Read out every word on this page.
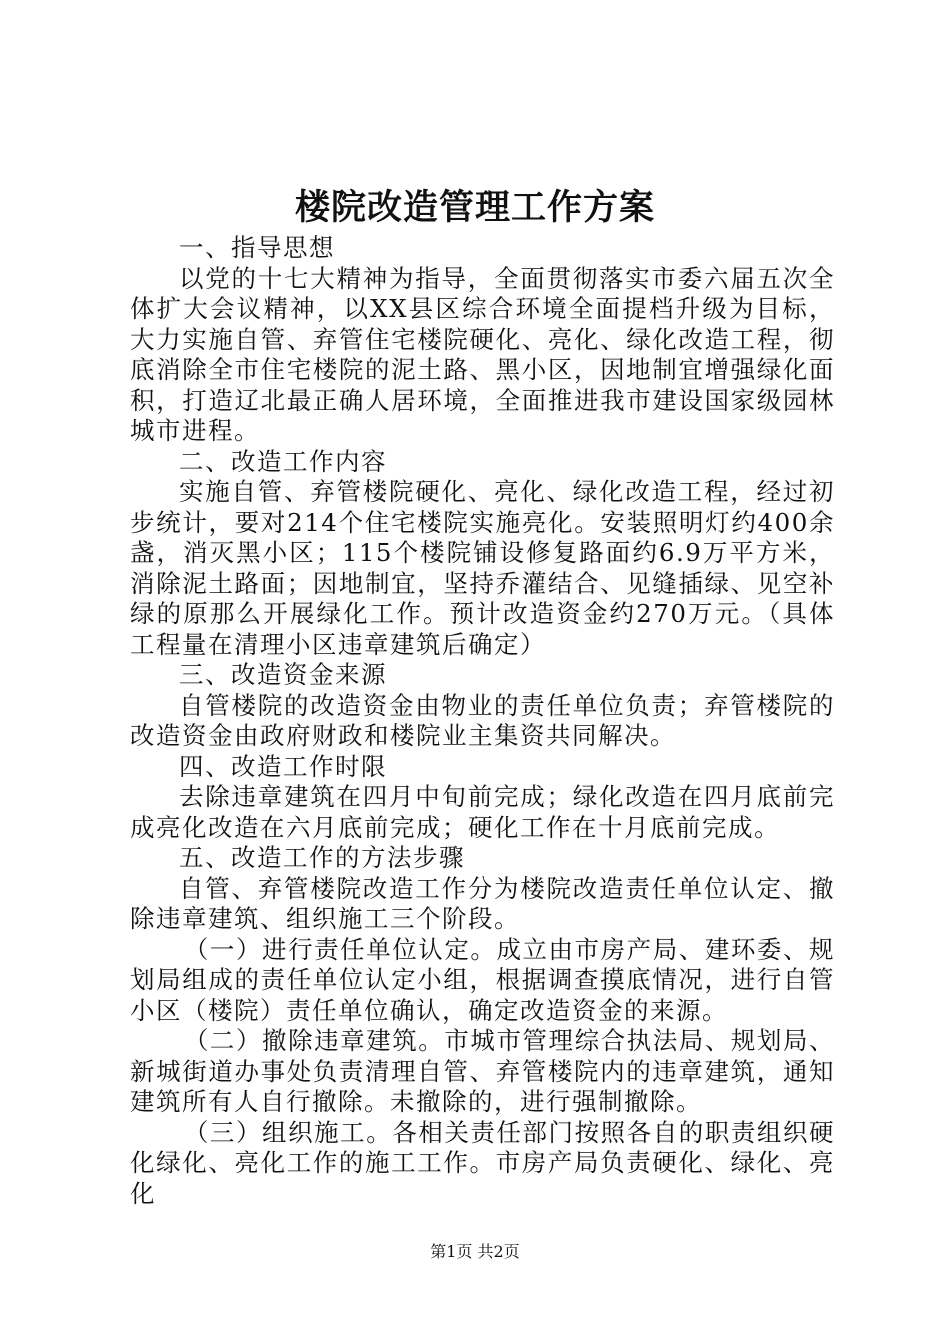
楼院改造管理工作方案

一、指导思想

以党的十七大精神为指导，全面贯彻落实市委六届五次全体扩大会议精神，以XX县区综合环境全面提档升级为目标，大力实施自管、弃管住宅楼院硬化、亮化、绿化改造工程，彻底消除全市住宅楼院的泥土路、黑小区，因地制宜增强绿化面积，打造辽北最正确人居环境，全面推进我市建设国家级园林城市进程。

二、改造工作内容

实施自管、弃管楼院硬化、亮化、绿化改造工程，经过初步统计，要对214个住宅楼院实施亮化。安装照明灯约400余盏，消灭黑小区；115个楼院铺设修复路面约6.9万平方米，消除泥土路面；因地制宜，坚持乔灌结合、见缝插绿、见空补绿的原那么开展绿化工作。预计改造资金约270万元。（具体工程量在清理小区违章建筑后确定）

三、改造资金来源

自管楼院的改造资金由物业的责任单位负责；弃管楼院的改造资金由政府财政和楼院业主集资共同解决。

四、改造工作时限

去除违章建筑在四月中旬前完成；绿化改造在四月底前完成亮化改造在六月底前完成；硬化工作在十月底前完成。

五、改造工作的方法步骤

自管、弃管楼院改造工作分为楼院改造责任单位认定、撤除违章建筑、组织施工三个阶段。

（一）进行责任单位认定。成立由市房产局、建环委、规划局组成的责任单位认定小组，根据调查摸底情况，进行自管小区（楼院）责任单位确认，确定改造资金的来源。

（二）撤除违章建筑。市城市管理综合执法局、规划局、新城街道办事处负责清理自管、弃管楼院内的违章建筑，通知建筑所有人自行撤除。未撤除的，进行强制撤除。

（三）组织施工。各相关责任部门按照各自的职责组织硬化绿化、亮化工作的施工工作。市房产局负责硬化、绿化、亮化

第1页 共2页
